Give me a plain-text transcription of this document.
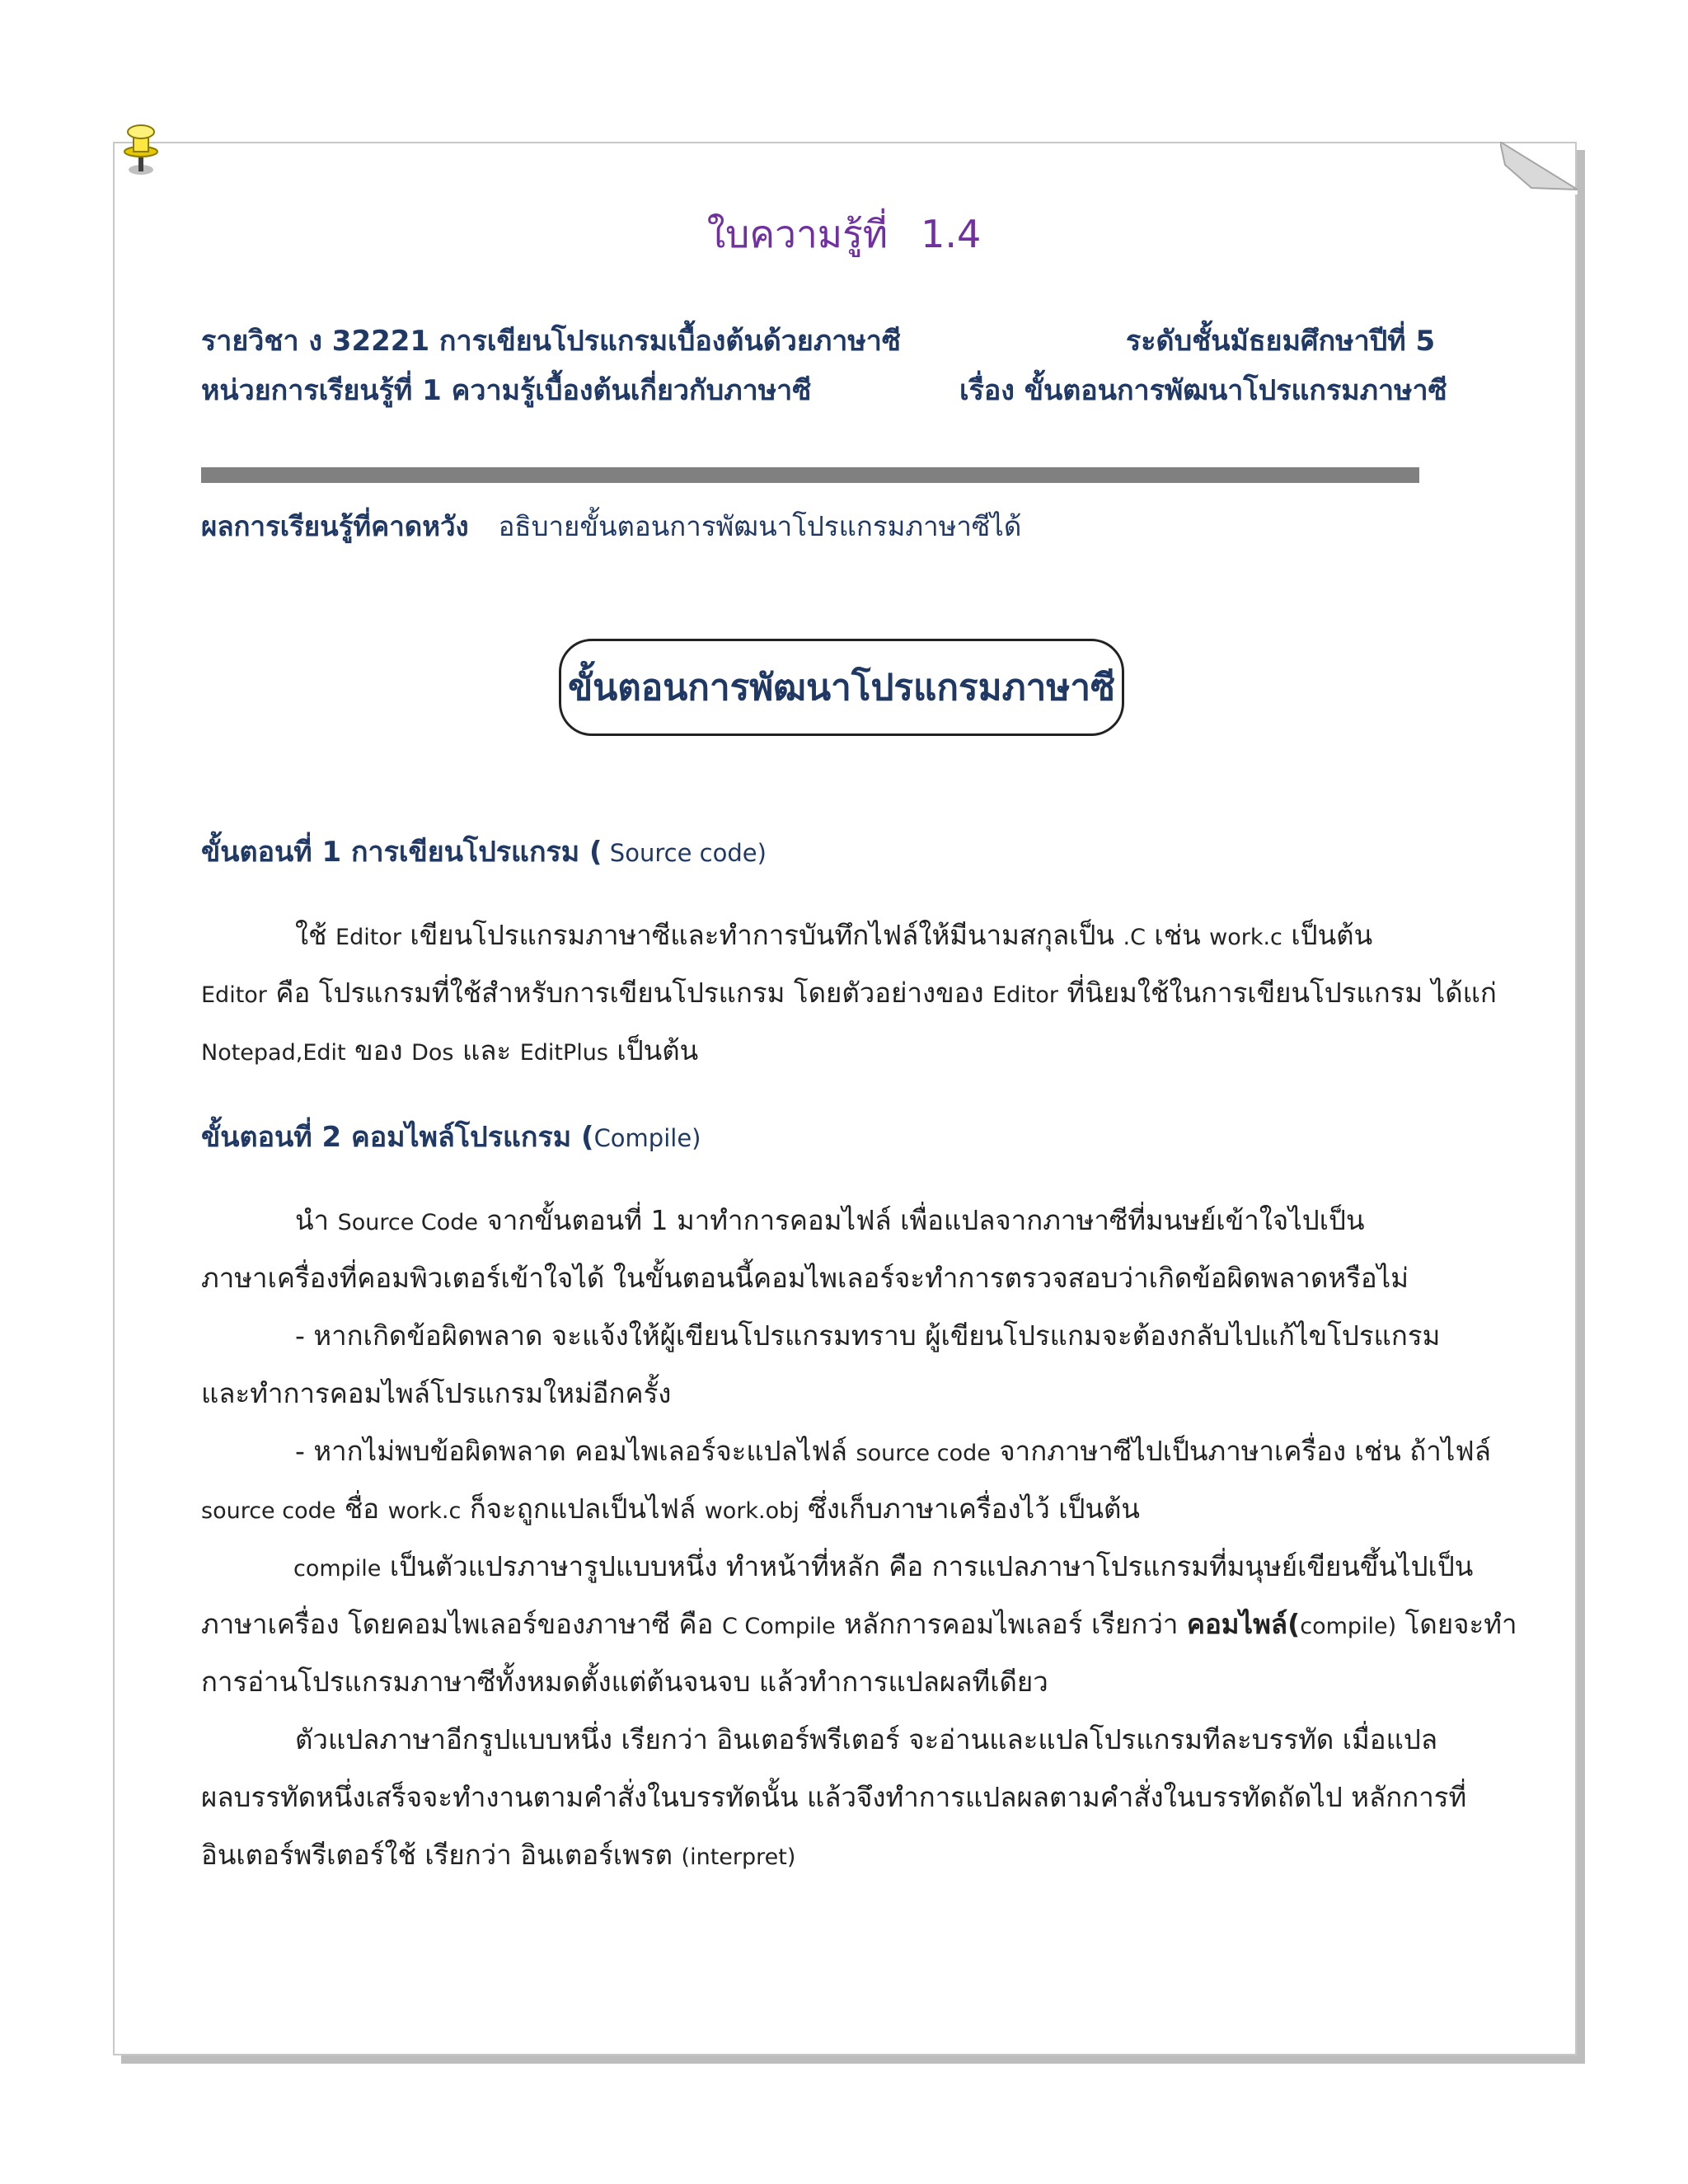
ใบความรู้ที่ 1.4
รายวิชา ง 32221 การเขียนโปรแกรมเบื้องต้นด้วยภาษาซี	ระดับชั้นมัธยมศึกษาปีที่ 5
หน่วยการเรียนรู้ที่ 1 ความรู้เบื้องต้นเกี่ยวกับภาษาซี	เรื่อง ขั้นตอนการพัฒนาโปรแกรมภาษาซี
ผลการเรียนรู้ที่คาดหวัง อธิบายขั้นตอนการพัฒนาโปรแกรมภาษาซีได้
ขั้นตอนการพัฒนาโปรแกรมภาษาซี
ขั้นตอนที่ 1 การเขียนโปรแกรม ( Source code)
ใช้ Editor เขียนโปรแกรมภาษาซีและทำการบันทึกไฟล์ให้มีนามสกุลเป็น .C เช่น work.c เป็นต้น
Editor คือ โปรแกรมที่ใช้สำหรับการเขียนโปรแกรม โดยตัวอย่างของ Editor ที่นิยมใช้ในการเขียนโปรแกรม ได้แก่
Notepad,Edit ของ Dos และ EditPlus เป็นต้น
ขั้นตอนที่ 2 คอมไพล์โปรแกรม (Compile)
นำ Source Code จากขั้นตอนที่ 1 มาทำการคอมไฟล์ เพื่อแปลจากภาษาซีที่มนษย์เข้าใจไปเป็น
ภาษาเครื่องที่คอมพิวเตอร์เข้าใจได้ ในขั้นตอนนี้คอมไพเลอร์จะทำการตรวจสอบว่าเกิดข้อผิดพลาดหรือไม่
- หากเกิดข้อผิดพลาด จะแจ้งให้ผู้เขียนโปรแกรมทราบ ผู้เขียนโปรแกมจะต้องกลับไปแก้ไขโปรแกรม
และทำการคอมไพล์โปรแกรมใหม่อีกครั้ง
- หากไม่พบข้อผิดพลาด คอมไพเลอร์จะแปลไฟล์ source code จากภาษาซีไปเป็นภาษาเครื่อง เช่น ถ้าไฟล์
source code ชื่อ work.c ก็จะถูกแปลเป็นไฟล์ work.obj ซึ่งเก็บภาษาเครื่องไว้ เป็นต้น
compile เป็นตัวแปรภาษารูปแบบหนึ่ง ทำหน้าที่หลัก คือ การแปลภาษาโปรแกรมที่มนุษย์เขียนขึ้นไปเป็น
ภาษาเครื่อง โดยคอมไพเลอร์ของภาษาซี คือ C Compile หลักการคอมไพเลอร์ เรียกว่า คอมไพล์(compile) โดยจะทำ
การอ่านโปรแกรมภาษาซีทั้งหมดตั้งแต่ต้นจนจบ แล้วทำการแปลผลทีเดียว
ตัวแปลภาษาอีกรูปแบบหนึ่ง เรียกว่า อินเตอร์พรีเตอร์ จะอ่านและแปลโปรแกรมทีละบรรทัด เมื่อแปล
ผลบรรทัดหนึ่งเสร็จจะทำงานตามคำสั่งในบรรทัดนั้น แล้วจึงทำการแปลผลตามคำสั่งในบรรทัดถัดไป หลักการที่
อินเตอร์พรีเตอร์ใช้ เรียกว่า อินเตอร์เพรต (interpret)
